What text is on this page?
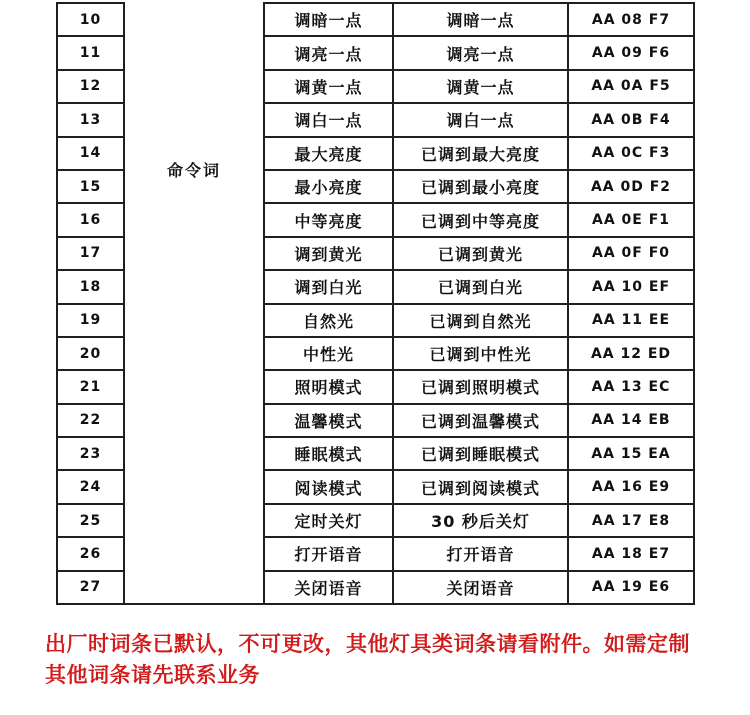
10
11
12
13
14
15
16
17
18
19
20
21
22
23
24
25
26
27
命令词
调暗一点
调亮一点
调黄一点
调白一点
最大亮度
最小亮度
中等亮度
调到黄光
调到白光
自然光
中性光
照明模式
温馨模式
睡眠模式
阅读模式
定时关灯
打开语音
关闭语音
调暗一点
调亮一点
调黄一点
调白一点
已调到最大亮度
已调到最小亮度
已调到中等亮度
已调到黄光
已调到白光
已调到自然光
已调到中性光
已调到照明模式
已调到温馨模式
已调到睡眠模式
已调到阅读模式
30 秒后关灯
打开语音
关闭语音
AA 08 F7
AA 09 F6
AA 0A F5
AA 0B F4
AA 0C F3
AA 0D F2
AA 0E F1
AA 0F F0
AA 10 EF
AA 11 EE
AA 12 ED
AA 13 EC
AA 14 EB
AA 15 EA
AA 16 E9
AA 17 E8
AA 18 E7
AA 19 E6
出厂时词条已默认，不可更改，其他灯具类词条请看附件。如需定制
其他词条请先联系业务
